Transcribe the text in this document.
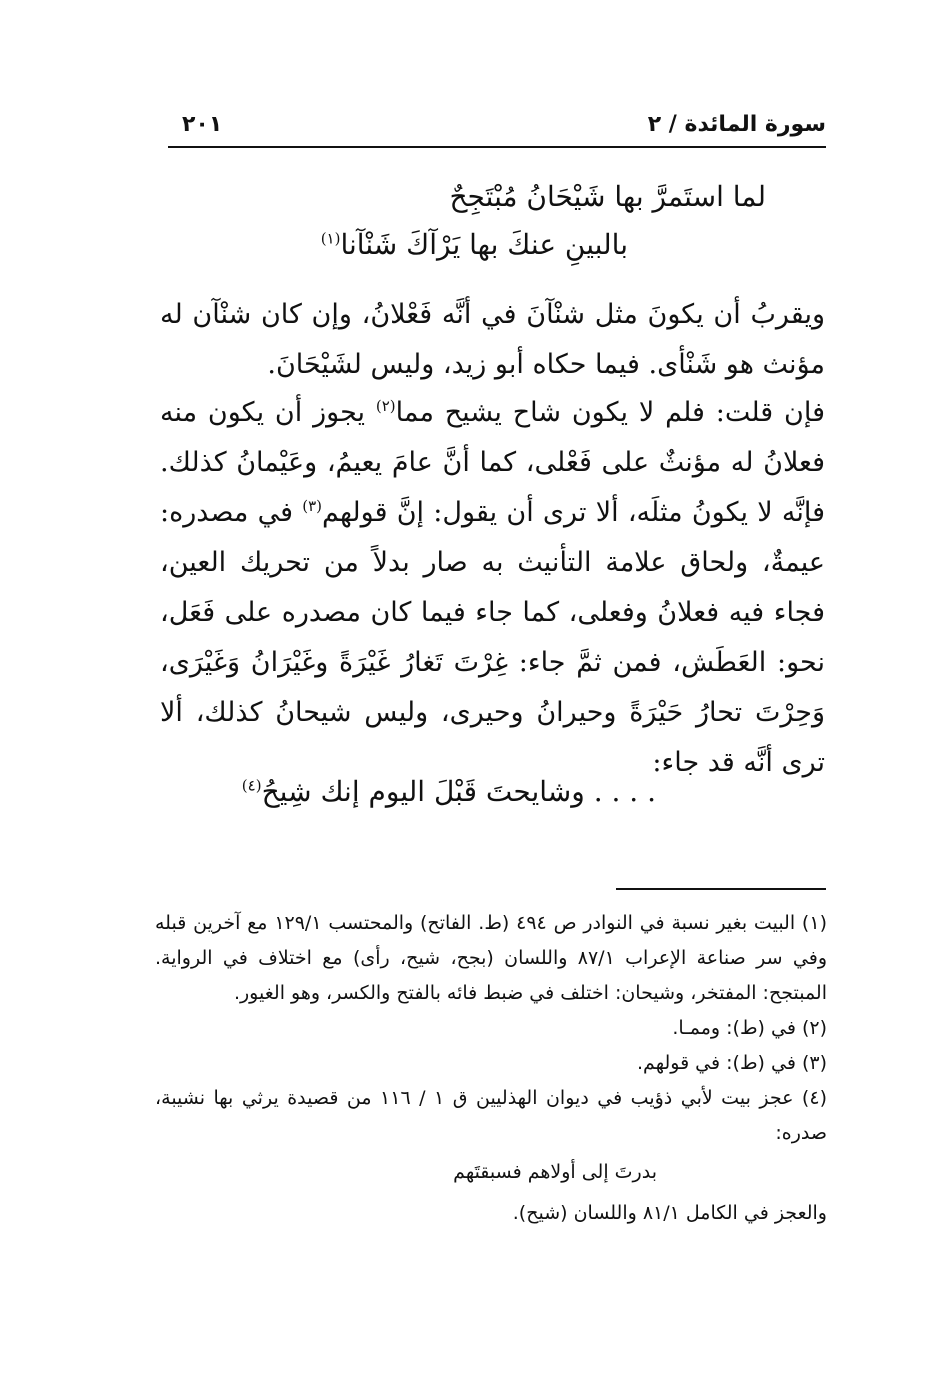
سورة المائدة / ٢
٢٠١
لما استَمرَّ بها شَيْحَانُ مُبْتَجِحٌ
بالبينِ عنكَ بها يَرْآكَ شَنْآنا$^{(١)}$
ويقربُ أن يكونَ مثل شنْآنَ في أنَّه فَعْلانُ، وإن كان شنْآن له مؤنث هو شَنْأى. فيما حكاه أبو زيد، وليس لشَيْحَانَ.
فإن قلت: فلم لا يكون شاح يشيح مما$^{(٢)}$ يجوز أن يكون منه فعلانُ له مؤنثٌ على فَعْلى، كما أنَّ عامَ يعيمُ، وعَيْمانُ كذلك. فإنَّه لا يكونُ مثلَه، ألا ترى أن يقول: إنَّ قولهم$^{(٣)}$ في مصدره: عيمةٌ، ولحاق علامة التأنيث به صار بدلاً من تحريك العين، فجاء فيه فعلانُ وفعلى، كما جاء فيما كان مصدره على فَعَل، نحو: العَطَش، فمن ثمَّ جاء: غِرْتَ تَغارُ غَيْرَةً وغَيْرَانُ وَغَيْرَى، وَحِرْتَ تحارُ حَيْرَةً وحيرانُ وحيرى، وليس شيحانُ كذلك، ألا ترى أنَّه قد جاء:
. . . . وشايحتَ قَبْلَ اليوم إنك شِيحُ$^{(٤)}$

(١) البيت بغير نسبة في النوادر ص ٤٩٤ (ط. الفاتح) والمحتسب ١٢٩/١ مع آخرين قبله وفي سر صناعة الإعراب ٨٧/١ واللسان (بجح، شيح، رأى) مع اختلاف في الرواية. المبتجح: المفتخر، وشيحان: اختلف في ضبط فائه بالفتح والكسر، وهو الغيور.

(٢) في (ط): وممـا.

(٣) في (ط): في قولهم.

(٤) عجز بيت لأبي ذؤيب في ديوان الهذليين ق ١ / ١١٦ من قصيدة يرثي بها نشيبة، صدره:

بدرتَ إلى أولاهم فسبقتَهم

والعجز في الكامل ٨١/١ واللسان (شيح).
